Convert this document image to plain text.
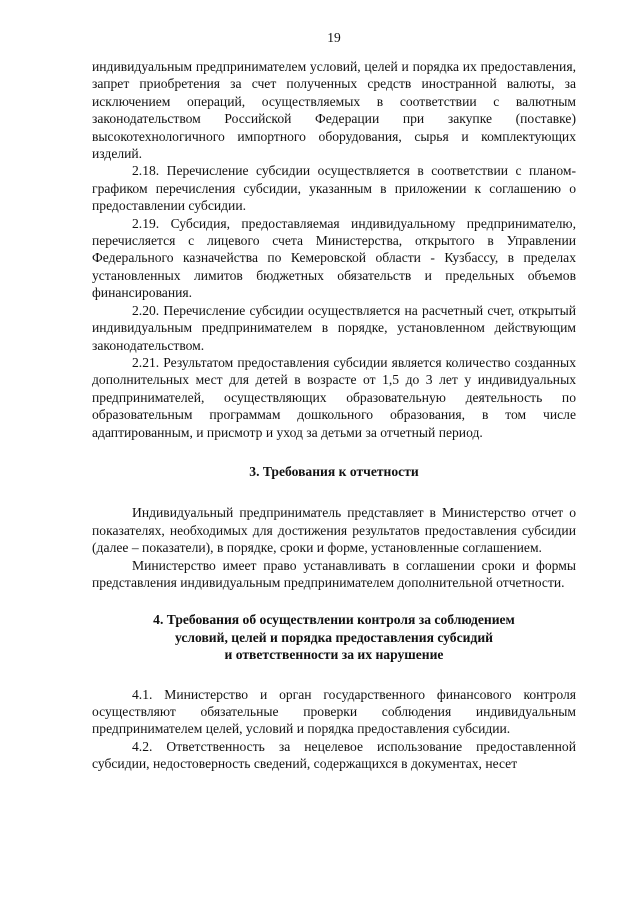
19

индивидуальным предпринимателем условий, целей и порядка их предоставления, запрет приобретения за счет полученных средств иностранной валюты, за исключением операций, осуществляемых в соответствии с валютным законодательством Российской Федерации при закупке (поставке) высокотехнологичного импортного оборудования, сырья и комплектующих изделий.

2.18. Перечисление субсидии осуществляется в соответствии с планом-графиком перечисления субсидии, указанным в приложении к соглашению о предоставлении субсидии.

2.19. Субсидия, предоставляемая индивидуальному предпринимателю, перечисляется с лицевого счета Министерства, открытого в Управлении Федерального казначейства по Кемеровской области - Кузбассу, в пределах установленных лимитов бюджетных обязательств и предельных объемов финансирования.

2.20. Перечисление субсидии осуществляется на расчетный счет, открытый индивидуальным предпринимателем в порядке, установленном действующим законодательством.

2.21. Результатом предоставления субсидии является количество созданных дополнительных мест для детей в возрасте от 1,5 до 3 лет у индивидуальных предпринимателей, осуществляющих образовательную деятельность по образовательным программам дошкольного образования, в том числе адаптированным, и присмотр и уход за детьми за отчетный период.

3. Требования к отчетности

Индивидуальный предприниматель представляет в Министерство отчет о показателях, необходимых для достижения результатов предоставления субсидии (далее – показатели), в порядке, сроки и форме, установленные соглашением.

Министерство имеет право устанавливать в соглашении сроки и формы представления индивидуальным предпринимателем дополнительной отчетности.

4. Требования об осуществлении контроля за соблюдением
условий, целей и порядка предоставления субсидий
и ответственности за их нарушение

4.1. Министерство и орган государственного финансового контроля осуществляют обязательные проверки соблюдения индивидуальным предпринимателем целей, условий и порядка предоставления субсидии.

4.2. Ответственность за нецелевое использование предоставленной субсидии, недостоверность сведений, содержащихся в документах, несет
